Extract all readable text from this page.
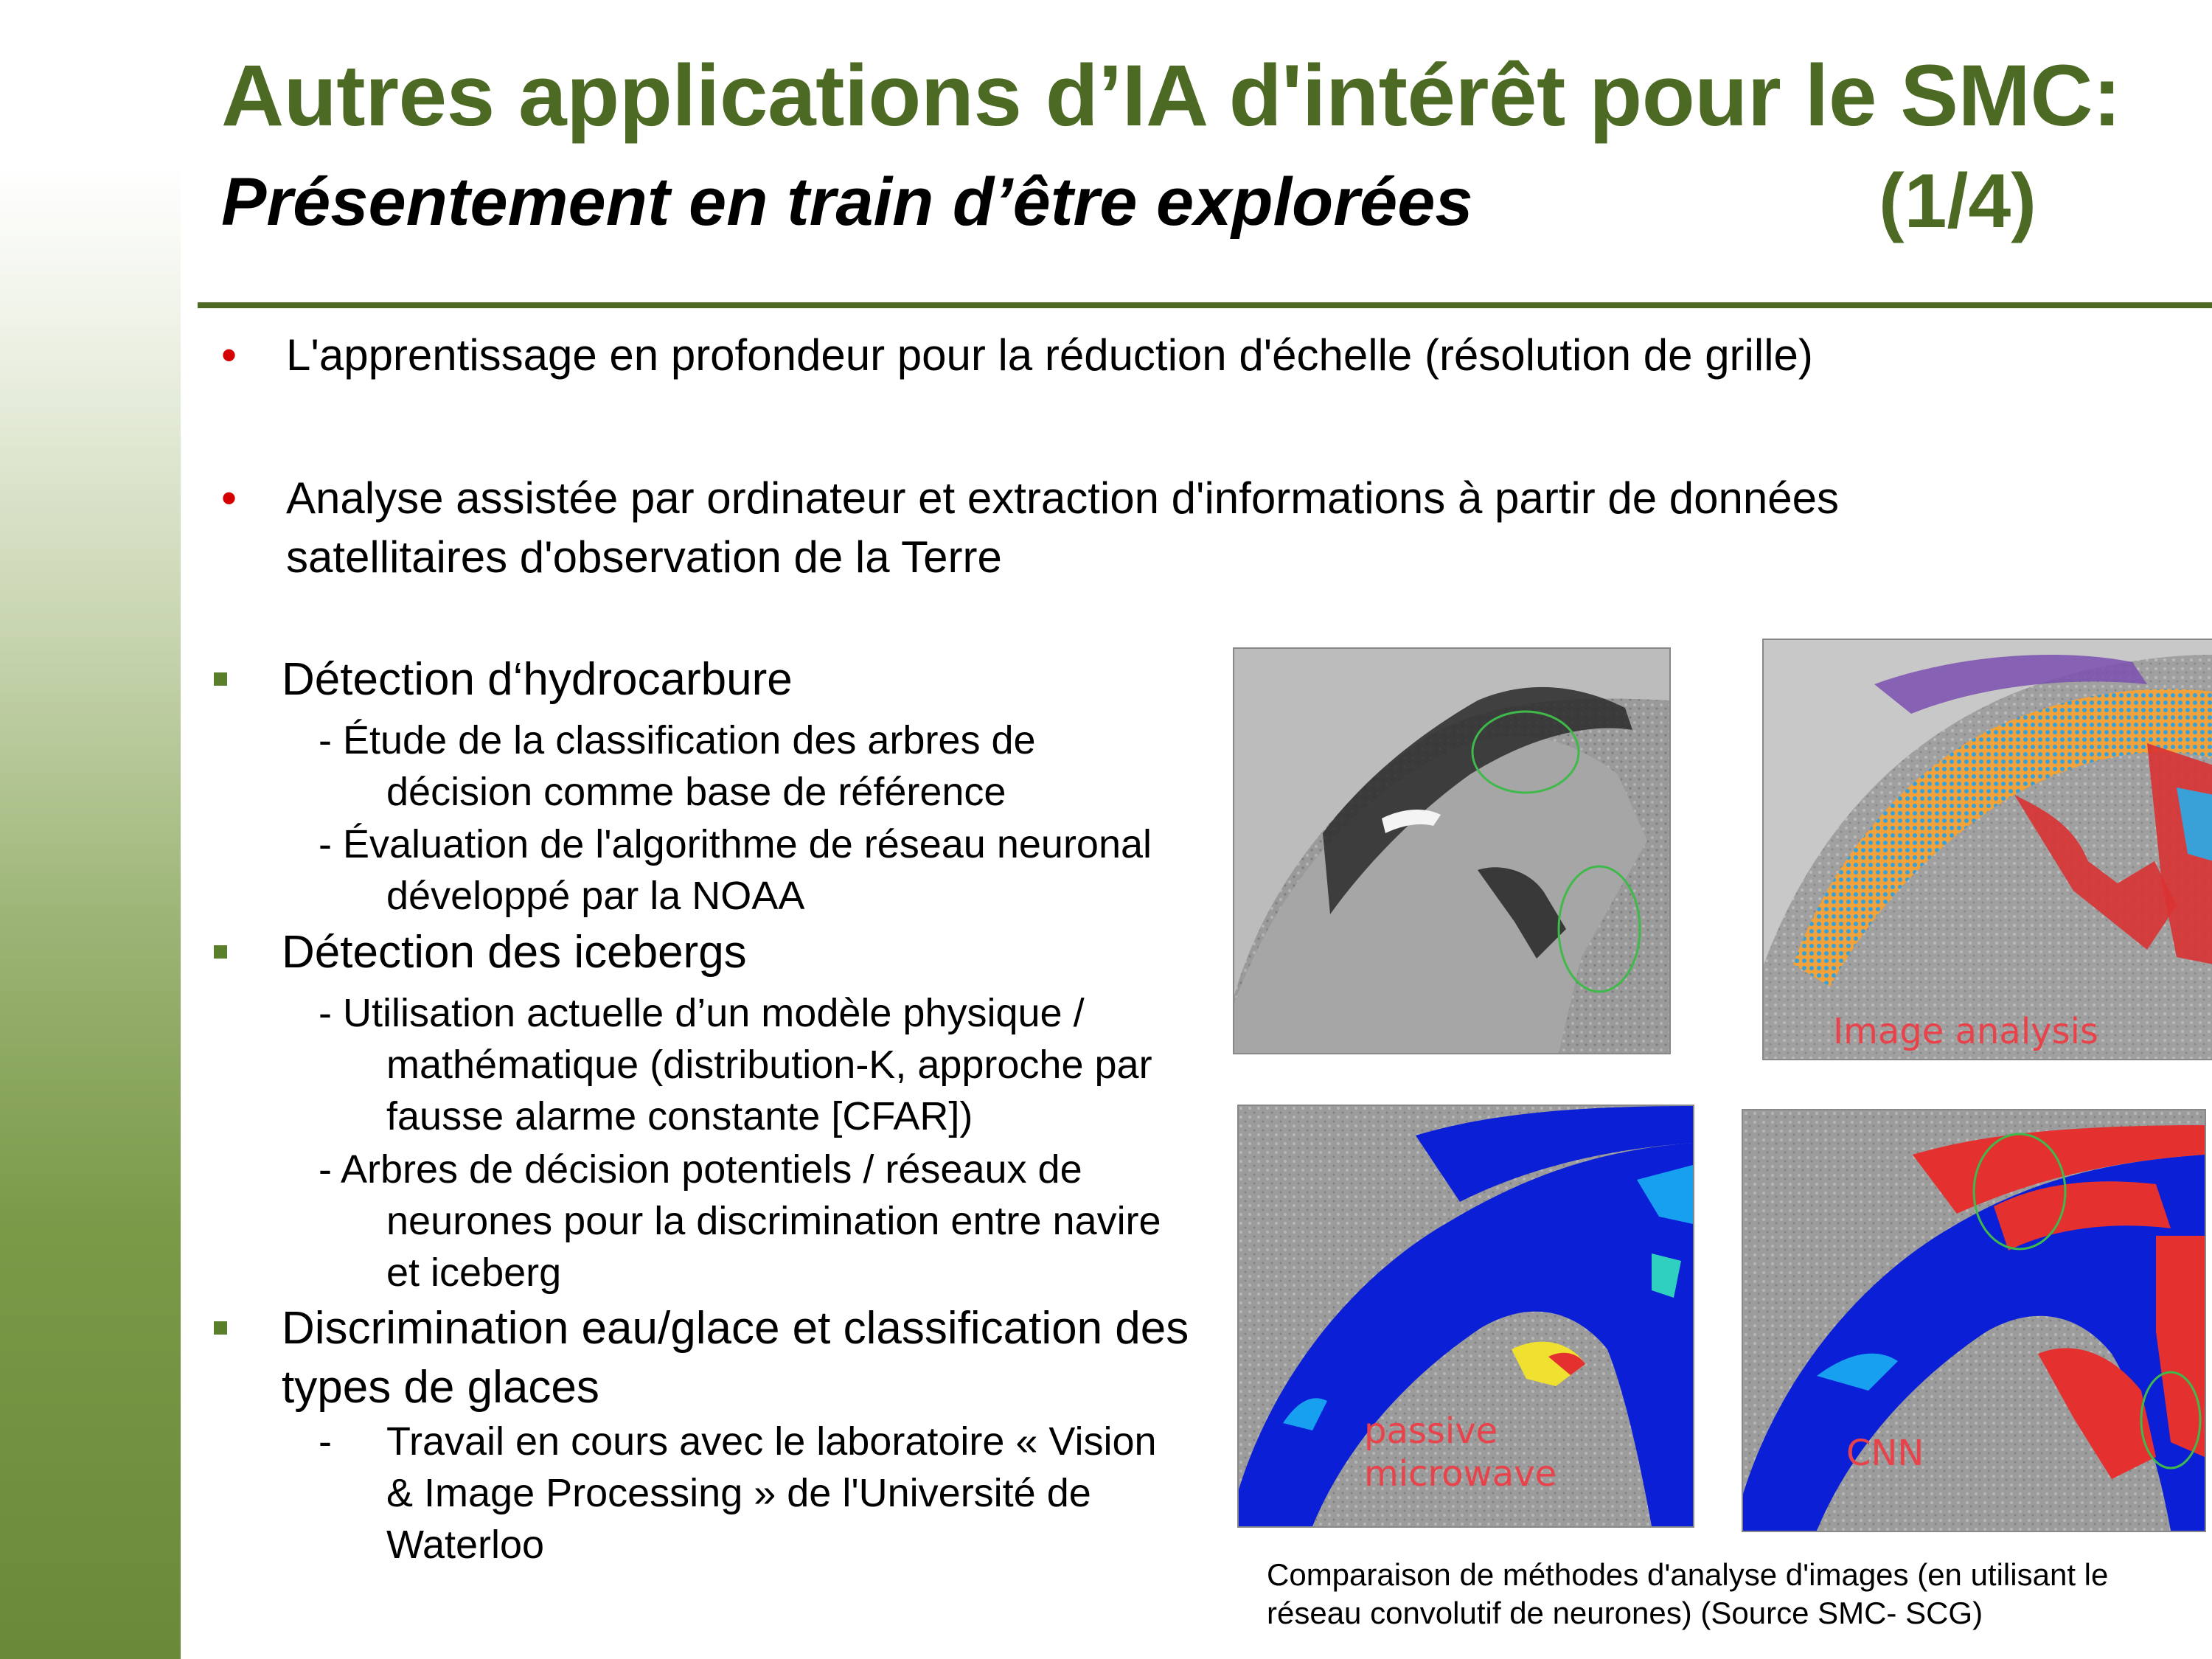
Autres applications d’IA d'intérêt pour le SMC:
Présentement en train d’être explorées	(1/4)
• L'apprentissage en profondeur pour la réduction d'échelle (résolution de grille)
• Analyse assistée par ordinateur et extraction d'informations à partir de données satellitaires d'observation de la Terre
Détection d‘hydrocarbure
- Étude de la classification des arbres de décision comme base de référence
- Évaluation de l'algorithme de réseau neuronal développé par la NOAA
Détection des icebergs
- Utilisation actuelle d’un modèle physique / mathématique (distribution-K, approche par fausse alarme constante [CFAR])
- Arbres de décision potentiels / réseaux de neurones pour la discrimination entre navire et iceberg
Discrimination eau/glace et classification des types de glaces
- Travail en cours avec le laboratoire « Vision & Image Processing » de l'Université de Waterloo
Image analysis
passive
microwave	CNN
Comparaison de méthodes d'analyse d'images (en utilisant le réseau convolutif de neurones) (Source SMC- SCG)
